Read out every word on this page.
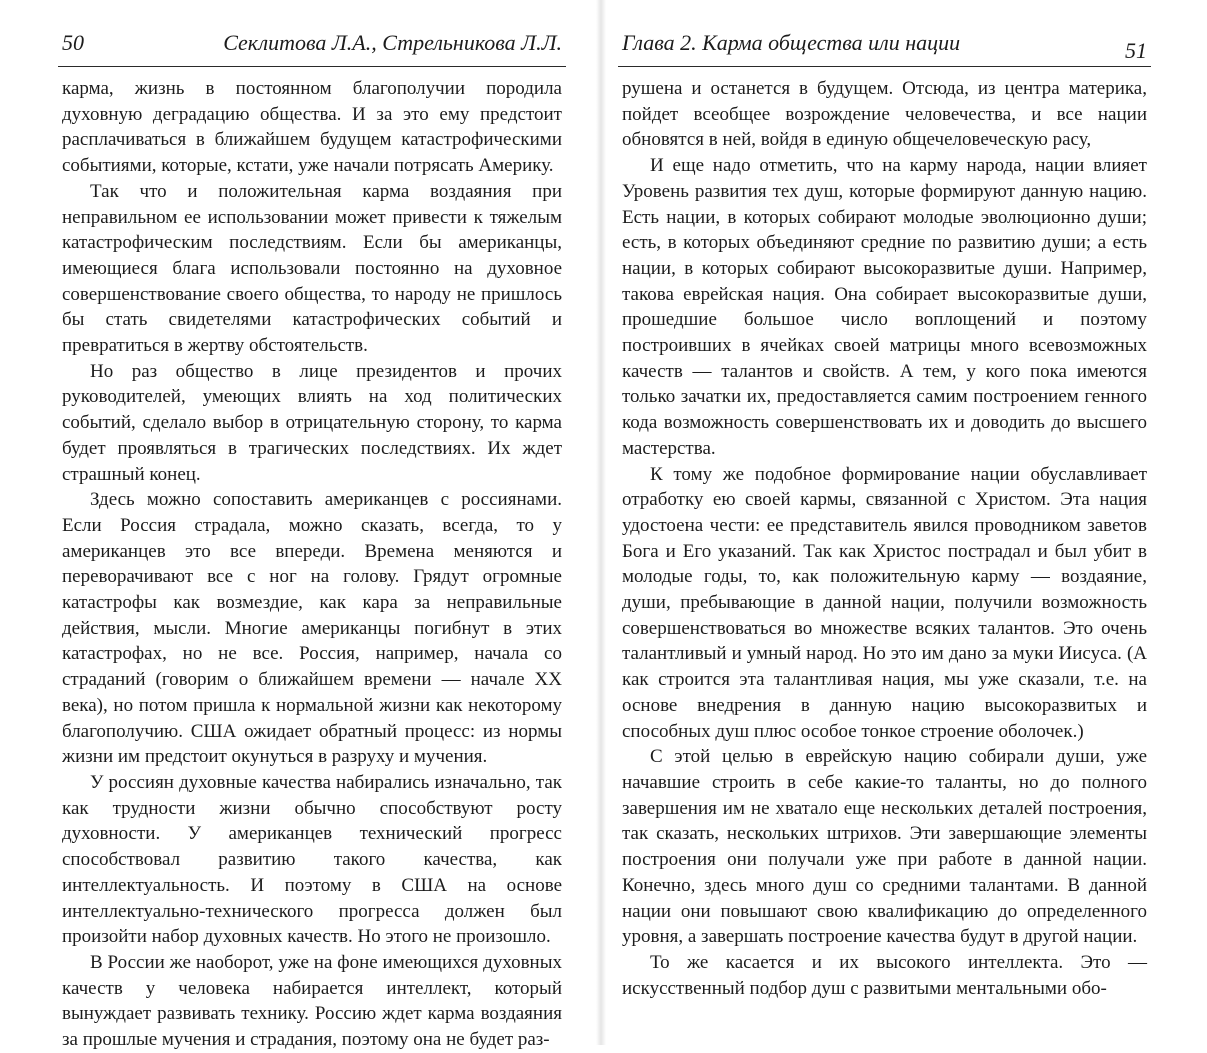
50	Секлитова Л.А., Стрельникова Л.Л.

карма, жизнь в постоянном благополучии породила духовную деградацию общества. И за это ему предстоит расплачиваться в ближайшем будущем катастрофическими событиями, которые, кстати, уже начали потрясать Америку.

Так что и положительная карма воздаяния при неправильном ее использовании может привести к тяжелым катастрофическим последствиям. Если бы американцы, имеющиеся блага использовали постоянно на духовное совершенствование своего общества, то народу не пришлось бы стать свидетелями катастрофических событий и превратиться в жертву обстоятельств.

Но раз общество в лице президентов и прочих руководителей, умеющих влиять на ход политических событий, сделало выбор в отрицательную сторону, то карма будет проявляться в трагических последствиях. Их ждет страшный конец.

Здесь можно сопоставить американцев с россиянами. Если Россия страдала, можно сказать, всегда, то у американцев это все впереди. Времена меняются и переворачивают все с ног на голову. Грядут огромные катастрофы как возмездие, как кара за неправильные действия, мысли. Многие американцы погибнут в этих катастрофах, но не все. Россия, например, начала со страданий (говорим о ближайшем времени — начале XX века), но потом пришла к нормальной жизни как некоторому благополучию. США ожидает обратный процесс: из нормы жизни им предстоит окунуться в разруху и мучения.

У россиян духовные качества набирались изначально, так как трудности жизни обычно способствуют росту духовности. У американцев технический прогресс способствовал развитию такого качества, как интеллектуальность. И поэтому в США на основе интеллектуально-технического прогресса должен был произойти набор духовных качеств. Но этого не произошло.

В России же наоборот, уже на фоне имеющихся духовных качеств у человека набирается интеллект, который вынуждает развивать технику. Россию ждет карма воздаяния за прошлые мучения и страдания, поэтому она не будет раз-

Глава 2. Карма общества или нации	51

рушена и останется в будущем. Отсюда, из центра материка, пойдет всеобщее возрождение человечества, и все нации обновятся в ней, войдя в единую общечеловеческую расу,

И еще надо отметить, что на карму народа, нации влияет Уровень развития тех душ, которые формируют данную нацию. Есть нации, в которых собирают молодые эволюционно души; есть, в которых объединяют средние по развитию души; а есть нации, в которых собирают высокоразвитые души. Например, такова еврейская нация. Она собирает высокоразвитые души, прошедшие большое число воплощений и поэтому построивших в ячейках своей матрицы много всевозможных качеств — талантов и свойств. А тем, у кого пока имеются только зачатки их, предоставляется самим построением генного кода возможность совершенствовать их и доводить до высшего мастерства.

К тому же подобное формирование нации обуславливает отработку ею своей кармы, связанной с Христом. Эта нация удостоена чести: ее представитель явился проводником заветов Бога и Его указаний. Так как Христос пострадал и был убит в молодые годы, то, как положительную карму — воздаяние, души, пребывающие в данной нации, получили возможность совершенствоваться во множестве всяких талантов. Это очень талантливый и умный народ. Но это им дано за муки Иисуса. (А как строится эта талантливая нация, мы уже сказали, т.е. на основе внедрения в данную нацию высокоразвитых и способных душ плюс особое тонкое строение оболочек.)

С этой целью в еврейскую нацию собирали души, уже начавшие строить в себе какие-то таланты, но до полного завершения им не хватало еще нескольких деталей построения, так сказать, нескольких штрихов. Эти завершающие элементы построения они получали уже при работе в данной нации. Конечно, здесь много душ со средними талантами. В данной нации они повышают свою квалификацию до определенного уровня, а завершать построение качества будут в другой нации.

То же касается и их высокого интеллекта. Это — искусственный подбор душ с развитыми ментальными обо-
